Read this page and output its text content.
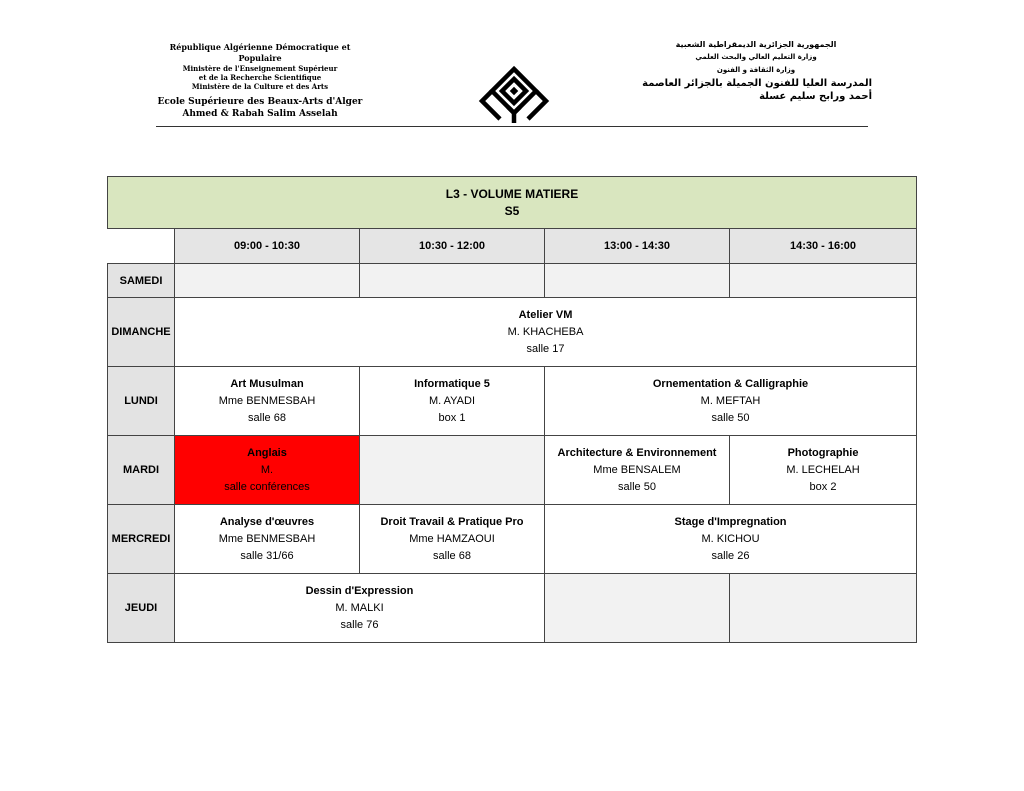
République Algérienne Démocratique et Populaire
Ministère de l'Enseignement Supérieur
et de la Recherche Scientifique
Ministère de la Culture et des Arts
Ecole Supérieure des Beaux-Arts d'Alger
Ahmed & Rabah Salim Asselah
الجمهورية الجزائرية الديمقراطية الشعبية
وزارة التعليم العالي والبحث العلمي
وزارة الثقافة و الفنون
المدرسة العليا للفنون الجميلة بالجزائر العاصمة
أحمد ورابح سليم عسلة
L3 - VOLUME MATIERE
S5				

	09:00 - 10:30	10:30 - 12:00	13:00 - 14:30	14:30 - 16:00
SAMEDI				
DIMANCHE	Atelier VM
M. KHACHEBA
salle 17			

LUNDI	Art Musulman
Mme BENMESBAH
salle 68	Informatique 5
M. AYADI
box 1	Ornementation & Calligraphie
M. MEFTAH
salle 50	

MARDI	Anglais
M.
salle conférences		Architecture & Environnement
Mme BENSALEM
salle 50	Photographie
M. LECHELAH
box 2

MERCREDI	Analyse d'œuvres
Mme BENMESBAH
salle 31/66	Droit Travail & Pratique Pro
Mme HAMZAOUI
salle 68	Stage d'Impregnation
M. KICHOU
salle 26	

JEUDI	Dessin d'Expression
M. MALKI
salle 76			
